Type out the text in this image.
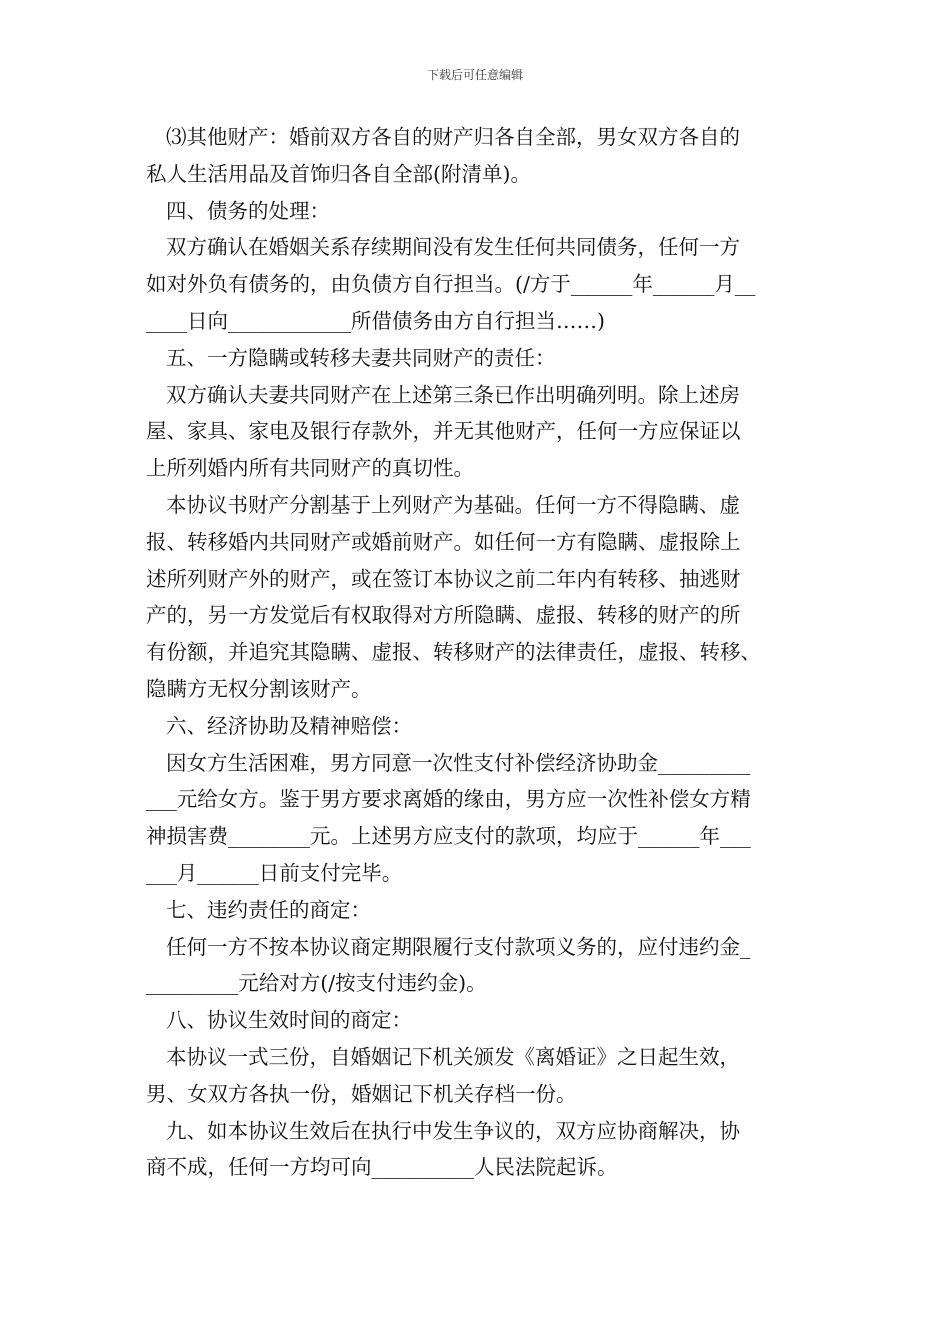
下载后可任意编辑
⑶其他财产：婚前双方各自的财产归各自全部，男女双方各自的
私人生活用品及首饰归各自全部(附清单)。
四、债务的处理：
双方确认在婚姻关系存续期间没有发生任何共同债务，任何一方
如对外负有债务的，由负债方自行担当。(/方于______年______月__
____日向____________所借债务由方自行担当……)
五、一方隐瞒或转移夫妻共同财产的责任：
双方确认夫妻共同财产在上述第三条已作出明确列明。除上述房
屋、家具、家电及银行存款外，并无其他财产，任何一方应保证以
上所列婚内所有共同财产的真切性。
本协议书财产分割基于上列财产为基础。任何一方不得隐瞒、虚
报、转移婚内共同财产或婚前财产。如任何一方有隐瞒、虚报除上
述所列财产外的财产，或在签订本协议之前二年内有转移、抽逃财
产的，另一方发觉后有权取得对方所隐瞒、虚报、转移的财产的所
有份额，并追究其隐瞒、虚报、转移财产的法律责任，虚报、转移、
隐瞒方无权分割该财产。
六、经济协助及精神赔偿：
因女方生活困难，男方同意一次性支付补偿经济协助金_________
___元给女方。鉴于男方要求离婚的缘由，男方应一次性补偿女方精
神损害费________元。上述男方应支付的款项，均应于______年___
___月______日前支付完毕。
七、违约责任的商定：
任何一方不按本协议商定期限履行支付款项义务的，应付违约金_
_________元给对方(/按支付违约金)。
八、协议生效时间的商定：
本协议一式三份，自婚姻记下机关颁发《离婚证》之日起生效，
男、女双方各执一份，婚姻记下机关存档一份。
九、如本协议生效后在执行中发生争议的，双方应协商解决，协
商不成，任何一方均可向__________人民法院起诉。
